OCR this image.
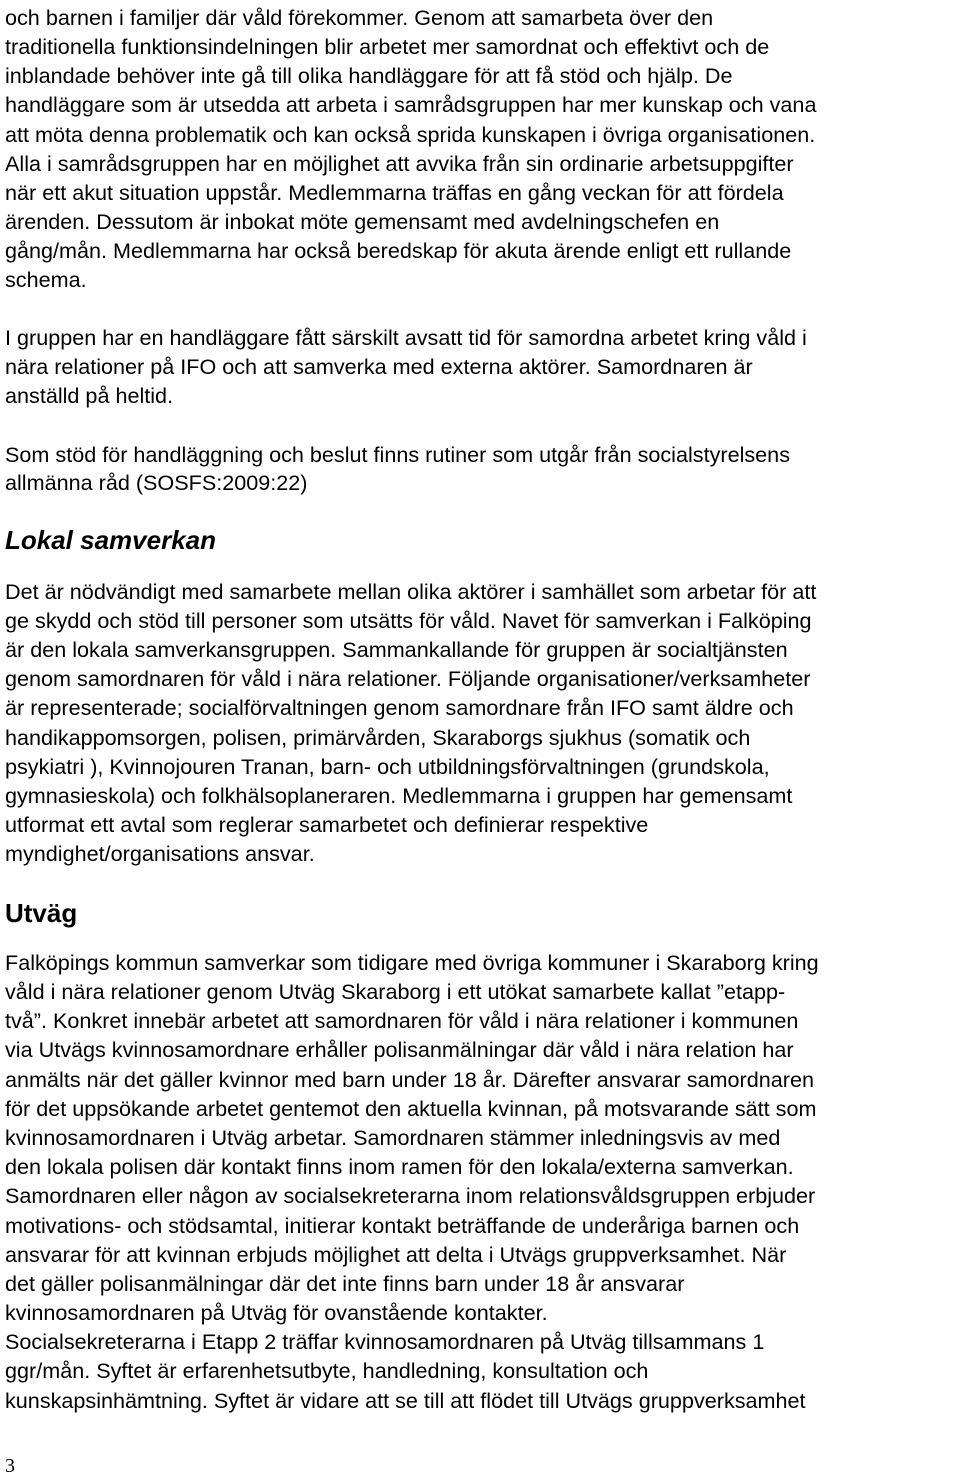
och barnen i familjer där våld förekommer. Genom att samarbeta över den
traditionella funktionsindelningen blir arbetet mer samordnat och effektivt och de
inblandade behöver inte gå till olika handläggare för att få stöd och hjälp. De
handläggare som är utsedda att arbeta i samrådsgruppen har mer kunskap och vana
att möta denna problematik och kan också sprida kunskapen i övriga organisationen.
Alla i samrådsgruppen har en möjlighet att avvika från sin ordinarie arbetsuppgifter
när ett akut situation uppstår. Medlemmarna träffas en gång veckan för att fördela
ärenden. Dessutom är inbokat möte gemensamt med avdelningschefen en
gång/mån. Medlemmarna har också beredskap för akuta ärende enligt ett rullande
schema.
I gruppen har en handläggare fått särskilt avsatt tid för samordna arbetet kring våld i
nära relationer på IFO och att samverka med externa aktörer. Samordnaren är
anställd på heltid.
Som stöd för handläggning och beslut finns rutiner som utgår från socialstyrelsens
allmänna råd (SOSFS:2009:22)
Lokal samverkan
Det är nödvändigt med samarbete mellan olika aktörer i samhället som arbetar för att
ge skydd och stöd till personer som utsätts för våld. Navet för samverkan i Falköping
är den lokala samverkansgruppen. Sammankallande för gruppen är socialtjänsten
genom samordnaren för våld i nära relationer. Följande organisationer/verksamheter
är representerade; socialförvaltningen genom samordnare från IFO samt äldre och
handikappomsorgen, polisen, primärvården, Skaraborgs sjukhus (somatik och
psykiatri ), Kvinnojouren Tranan, barn- och utbildningsförvaltningen (grundskola,
gymnasieskola) och folkhälsoplaneraren. Medlemmarna i gruppen har gemensamt
utformat ett avtal som reglerar samarbetet och definierar respektive
myndighet/organisations ansvar.
Utväg
Falköpings kommun samverkar som tidigare med övriga kommuner i Skaraborg kring
våld i nära relationer genom Utväg Skaraborg i ett utökat samarbete kallat ”etapp-
två”. Konkret innebär arbetet att samordnaren för våld i nära relationer i kommunen
via Utvägs kvinnosamordnare erhåller polisanmälningar där våld i nära relation har
anmälts när det gäller kvinnor med barn under 18 år. Därefter ansvarar samordnaren
för det uppsökande arbetet gentemot den aktuella kvinnan, på motsvarande sätt som
kvinnosamordnaren i Utväg arbetar. Samordnaren stämmer inledningsvis av med
den lokala polisen där kontakt finns inom ramen för den lokala/externa samverkan.
Samordnaren eller någon av socialsekreterarna inom relationsvåldsgruppen erbjuder
motivations- och stödsamtal, initierar kontakt beträffande de underåriga barnen och
ansvarar för att kvinnan erbjuds möjlighet att delta i Utvägs gruppverksamhet. När
det gäller polisanmälningar där det inte finns barn under 18 år ansvarar
kvinnosamordnaren på Utväg för ovanstående kontakter.
Socialsekreterarna i Etapp 2 träffar kvinnosamordnaren på Utväg tillsammans 1
ggr/mån. Syftet är erfarenhetsutbyte, handledning, konsultation och
kunskapsinhämtning. Syftet är vidare att se till att flödet till Utvägs gruppverksamhet
3
